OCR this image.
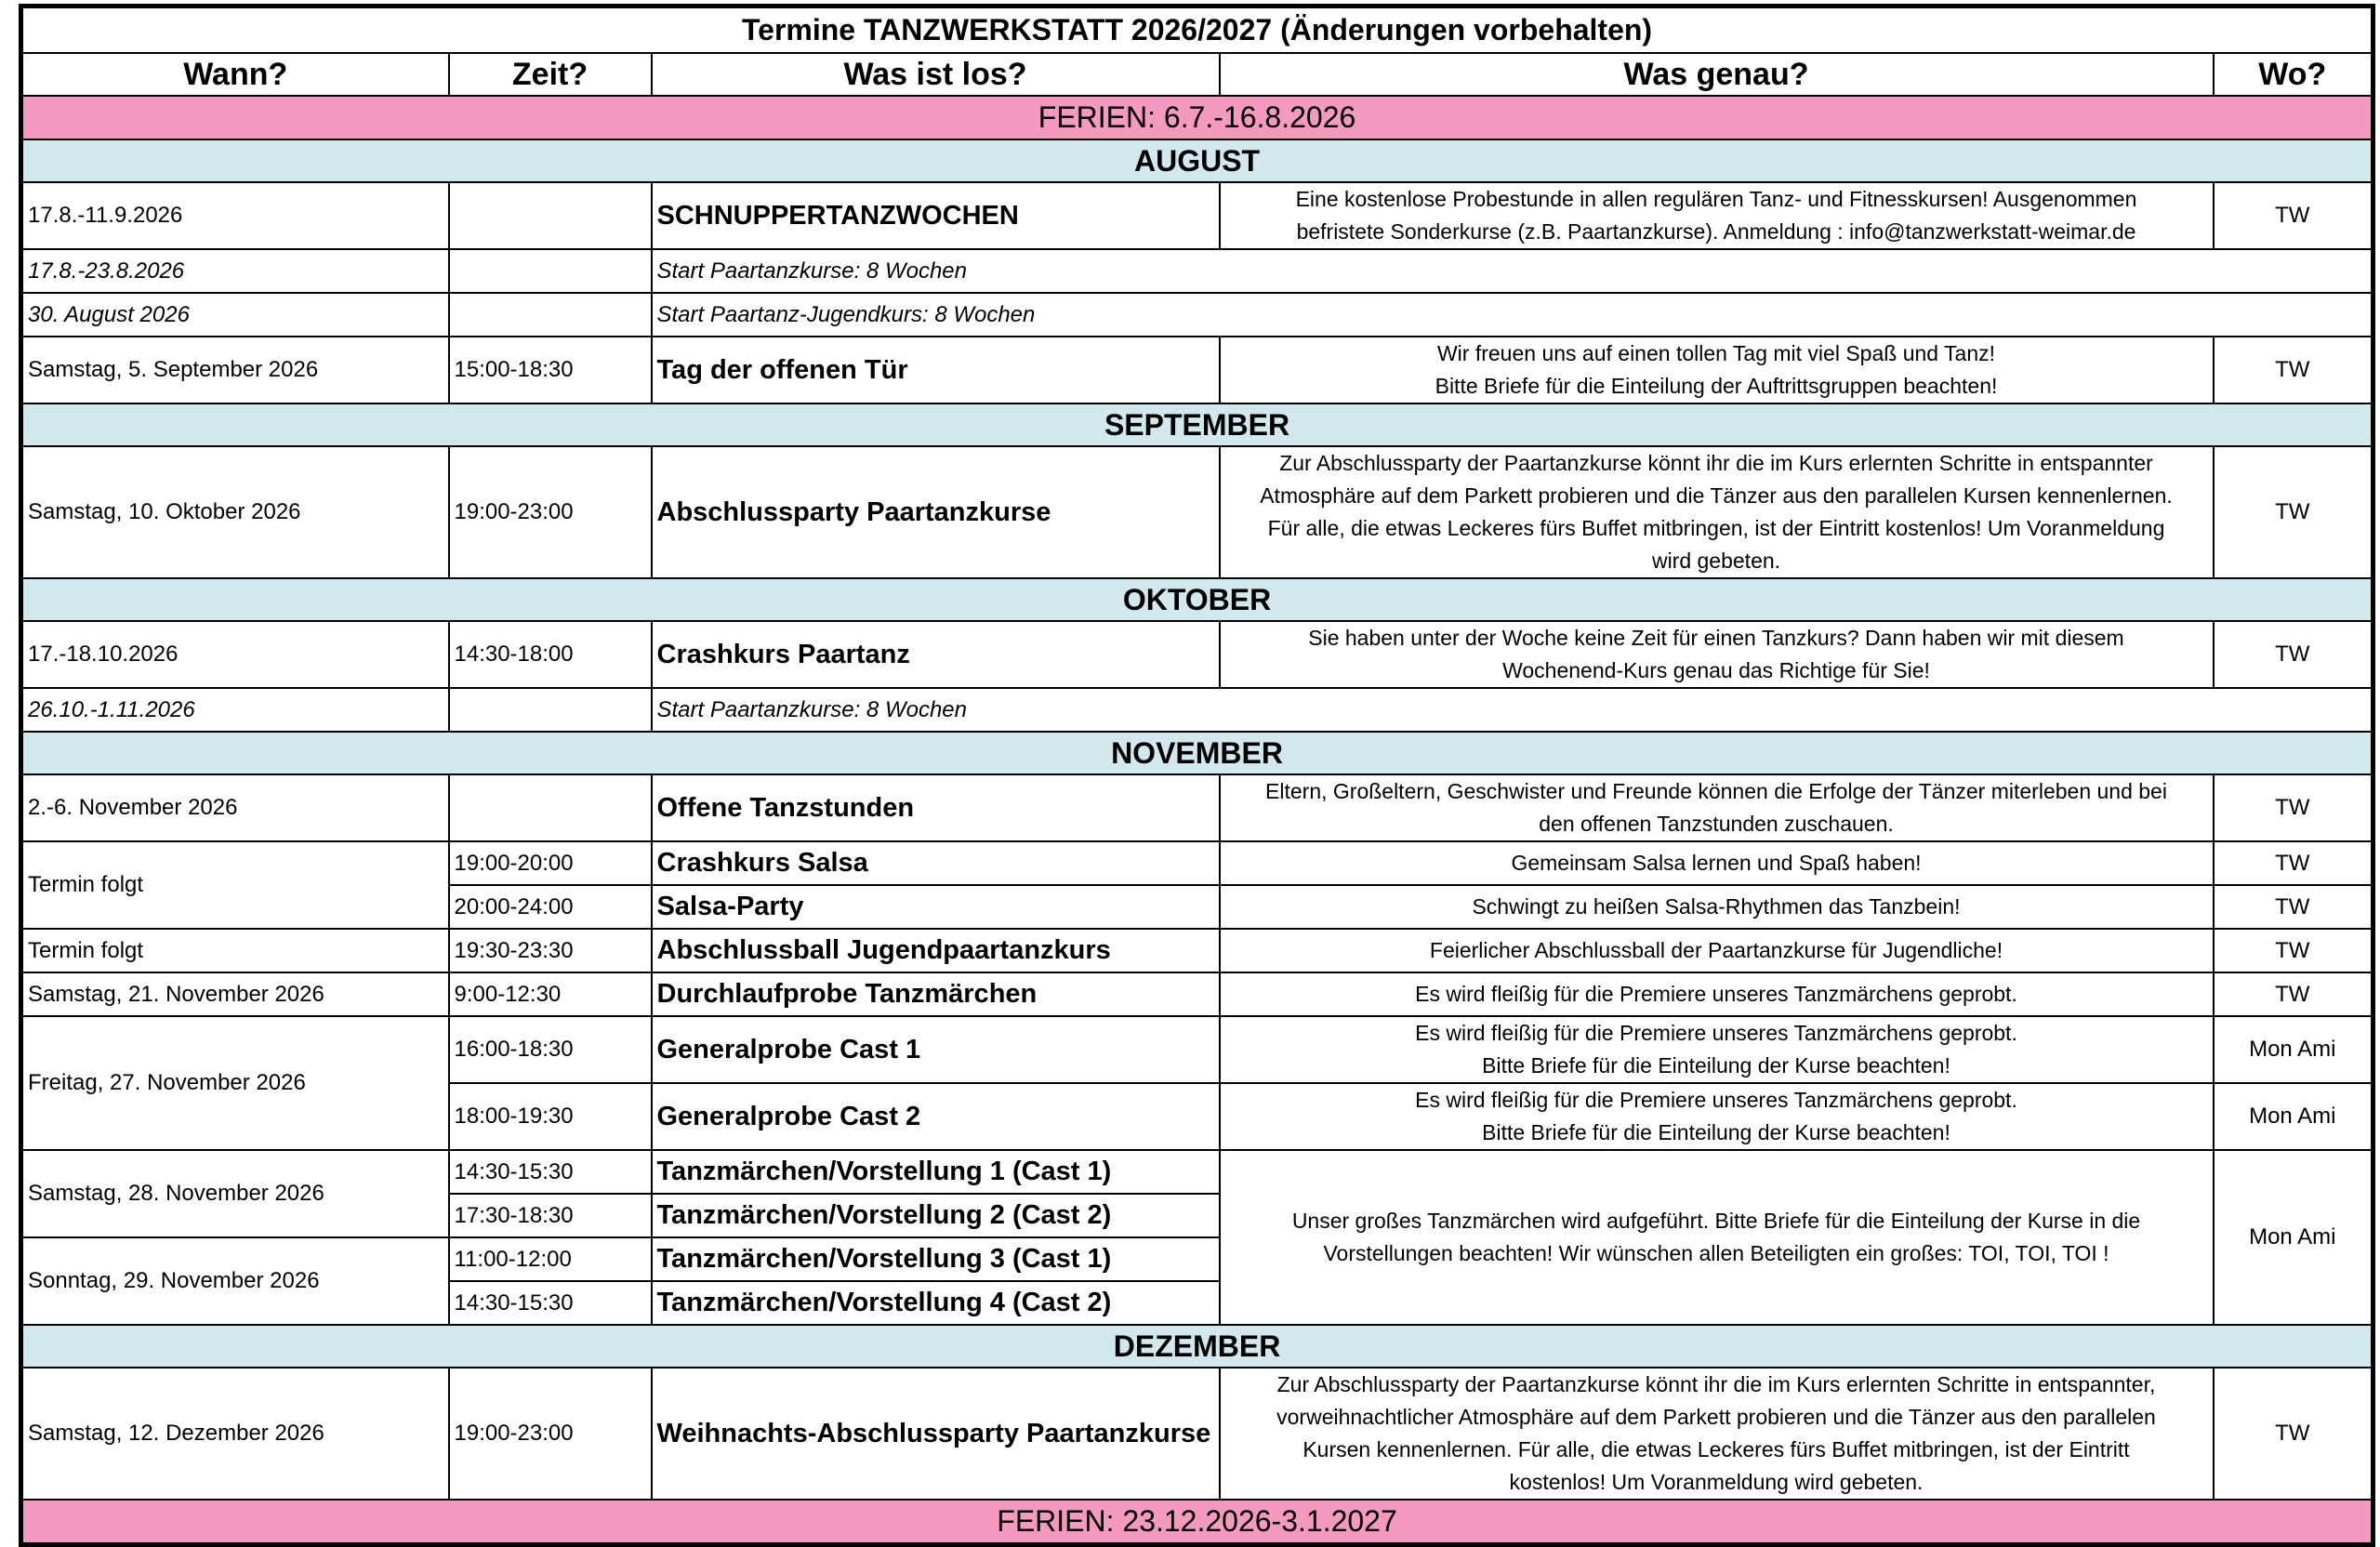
Termine TANZWERKSTATT 2026/2027 (Änderungen vorbehalten)				
Wann?	Zeit?	Was ist los?	Was genau?	Wo?
FERIEN: 6.7.-16.8.2026				
AUGUST				
17.8.-11.9.2026		SCHNUPPERTANZWOCHEN	Eine kostenlose Probestunde in allen regulären Tanz- und Fitnesskursen! Ausgenommen
befristete Sonderkurse (z.B. Paartanzkurse). Anmeldung : info@tanzwerkstatt-weimar.de	TW
17.8.-23.8.2026		Start Paartanzkurse: 8 Wochen		
30. August 2026		Start Paartanz-Jugendkurs: 8 Wochen		
Samstag, 5. September 2026	15:00-18:30	Tag der offenen Tür	Wir freuen uns auf einen tollen Tag mit viel Spaß und Tanz!
Bitte Briefe für die Einteilung der Auftrittsgruppen beachten!	TW
SEPTEMBER				
Samstag, 10. Oktober 2026	19:00-23:00	Abschlussparty Paartanzkurse	Zur Abschlussparty der Paartanzkurse könnt ihr die im Kurs erlernten Schritte in entspannter
Atmosphäre auf dem Parkett probieren und die Tänzer aus den parallelen Kursen kennenlernen.
Für alle, die etwas Leckeres fürs Buffet mitbringen, ist der Eintritt kostenlos! Um Voranmeldung
wird gebeten.	TW
OKTOBER				
17.-18.10.2026	14:30-18:00	Crashkurs Paartanz	Sie haben unter der Woche keine Zeit für einen Tanzkurs? Dann haben wir mit diesem
Wochenend-Kurs genau das Richtige für Sie!	TW
26.10.-1.11.2026		Start Paartanzkurse: 8 Wochen		
NOVEMBER				
2.-6. November 2026		Offene Tanzstunden	Eltern, Großeltern, Geschwister und Freunde können die Erfolge der Tänzer miterleben und bei
den offenen Tanzstunden zuschauen.	TW
Termin folgt	19:00-20:00	Crashkurs Salsa	Gemeinsam Salsa lernen und Spaß haben!	TW
	20:00-24:00	Salsa-Party	Schwingt zu heißen Salsa-Rhythmen das Tanzbein!	TW
Termin folgt	19:30-23:30	Abschlussball Jugendpaartanzkurs	Feierlicher Abschlussball der Paartanzkurse für Jugendliche!	TW
Samstag, 21. November 2026	9:00-12:30	Durchlaufprobe Tanzmärchen	Es wird fleißig für die Premiere unseres Tanzmärchens geprobt.	TW
Freitag, 27. November 2026	16:00-18:30	Generalprobe Cast 1	Es wird fleißig für die Premiere unseres Tanzmärchens geprobt.
Bitte Briefe für die Einteilung der Kurse beachten!	Mon Ami
	18:00-19:30	Generalprobe Cast 2	Es wird fleißig für die Premiere unseres Tanzmärchens geprobt.
Bitte Briefe für die Einteilung der Kurse beachten!	Mon Ami
Samstag, 28. November 2026	14:30-15:30	Tanzmärchen/Vorstellung 1 (Cast 1)	Unser großes Tanzmärchen wird aufgeführt. Bitte Briefe für die Einteilung der Kurse in die
Vorstellungen beachten! Wir wünschen allen Beteiligten ein großes: TOI, TOI, TOI !	Mon Ami
	17:30-18:30	Tanzmärchen/Vorstellung 2 (Cast 2)		
Sonntag, 29. November 2026	11:00-12:00	Tanzmärchen/Vorstellung 3 (Cast 1)		
	14:30-15:30	Tanzmärchen/Vorstellung 4 (Cast 2)		
DEZEMBER				
Samstag, 12. Dezember 2026	19:00-23:00	Weihnachts-Abschlussparty Paartanzkurse	Zur Abschlussparty der Paartanzkurse könnt ihr die im Kurs erlernten Schritte in entspannter,
vorweihnachtlicher Atmosphäre auf dem Parkett probieren und die Tänzer aus den parallelen
Kursen kennenlernen. Für alle, die etwas Leckeres fürs Buffet mitbringen, ist der Eintritt
kostenlos! Um Voranmeldung wird gebeten.	TW
FERIEN: 23.12.2026-3.1.2027				
